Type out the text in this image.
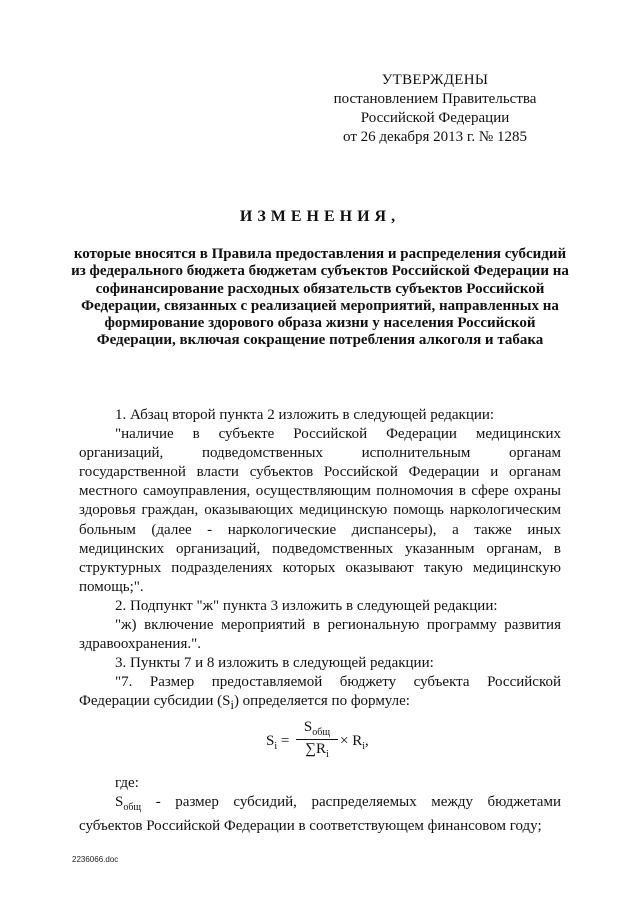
УТВЕРЖДЕНЫ
постановлением Правительства
Российской Федерации
от 26 декабря 2013 г. № 1285
ИЗМЕНЕНИЯ,
которые вносятся в Правила предоставления и распределения субсидий из федерального бюджета бюджетам субъектов Российской Федерации на софинансирование расходных обязательств субъектов Российской Федерации, связанных с реализацией мероприятий, направленных на формирование здорового образа жизни у населения Российской Федерации, включая сокращение потребления алкоголя и табака

1. Абзац второй пункта 2 изложить в следующей редакции:

"наличие в субъекте Российской Федерации медицинских организаций, подведомственных исполнительным органам государственной власти субъектов Российской Федерации и органам местного самоуправления, осуществляющим полномочия в сфере охраны здоровья граждан, оказывающих медицинскую помощь наркологическим больным (далее - наркологические диспансеры), а также иных медицинских организаций, подведомственных указанным органам, в структурных подразделениях которых оказывают такую медицинскую помощь;".

2. Подпункт "ж" пункта 3 изложить в следующей редакции:

"ж) включение мероприятий в региональную программу развития здравоохранения.".

3. Пункты 7 и 8 изложить в следующей редакции:

"7. Размер предоставляемой бюджету субъекта Российской Федерации субсидии $(S_i)$ определяется по формуле:

$S_i$ =
$S_{общ}$
$\sum R_i$
× $R_i$,
где:

$S_{общ}$ - размер субсидий, распределяемых между бюджетами субъектов Российской Федерации в соответствующем финансовом году;

2236066.doc
